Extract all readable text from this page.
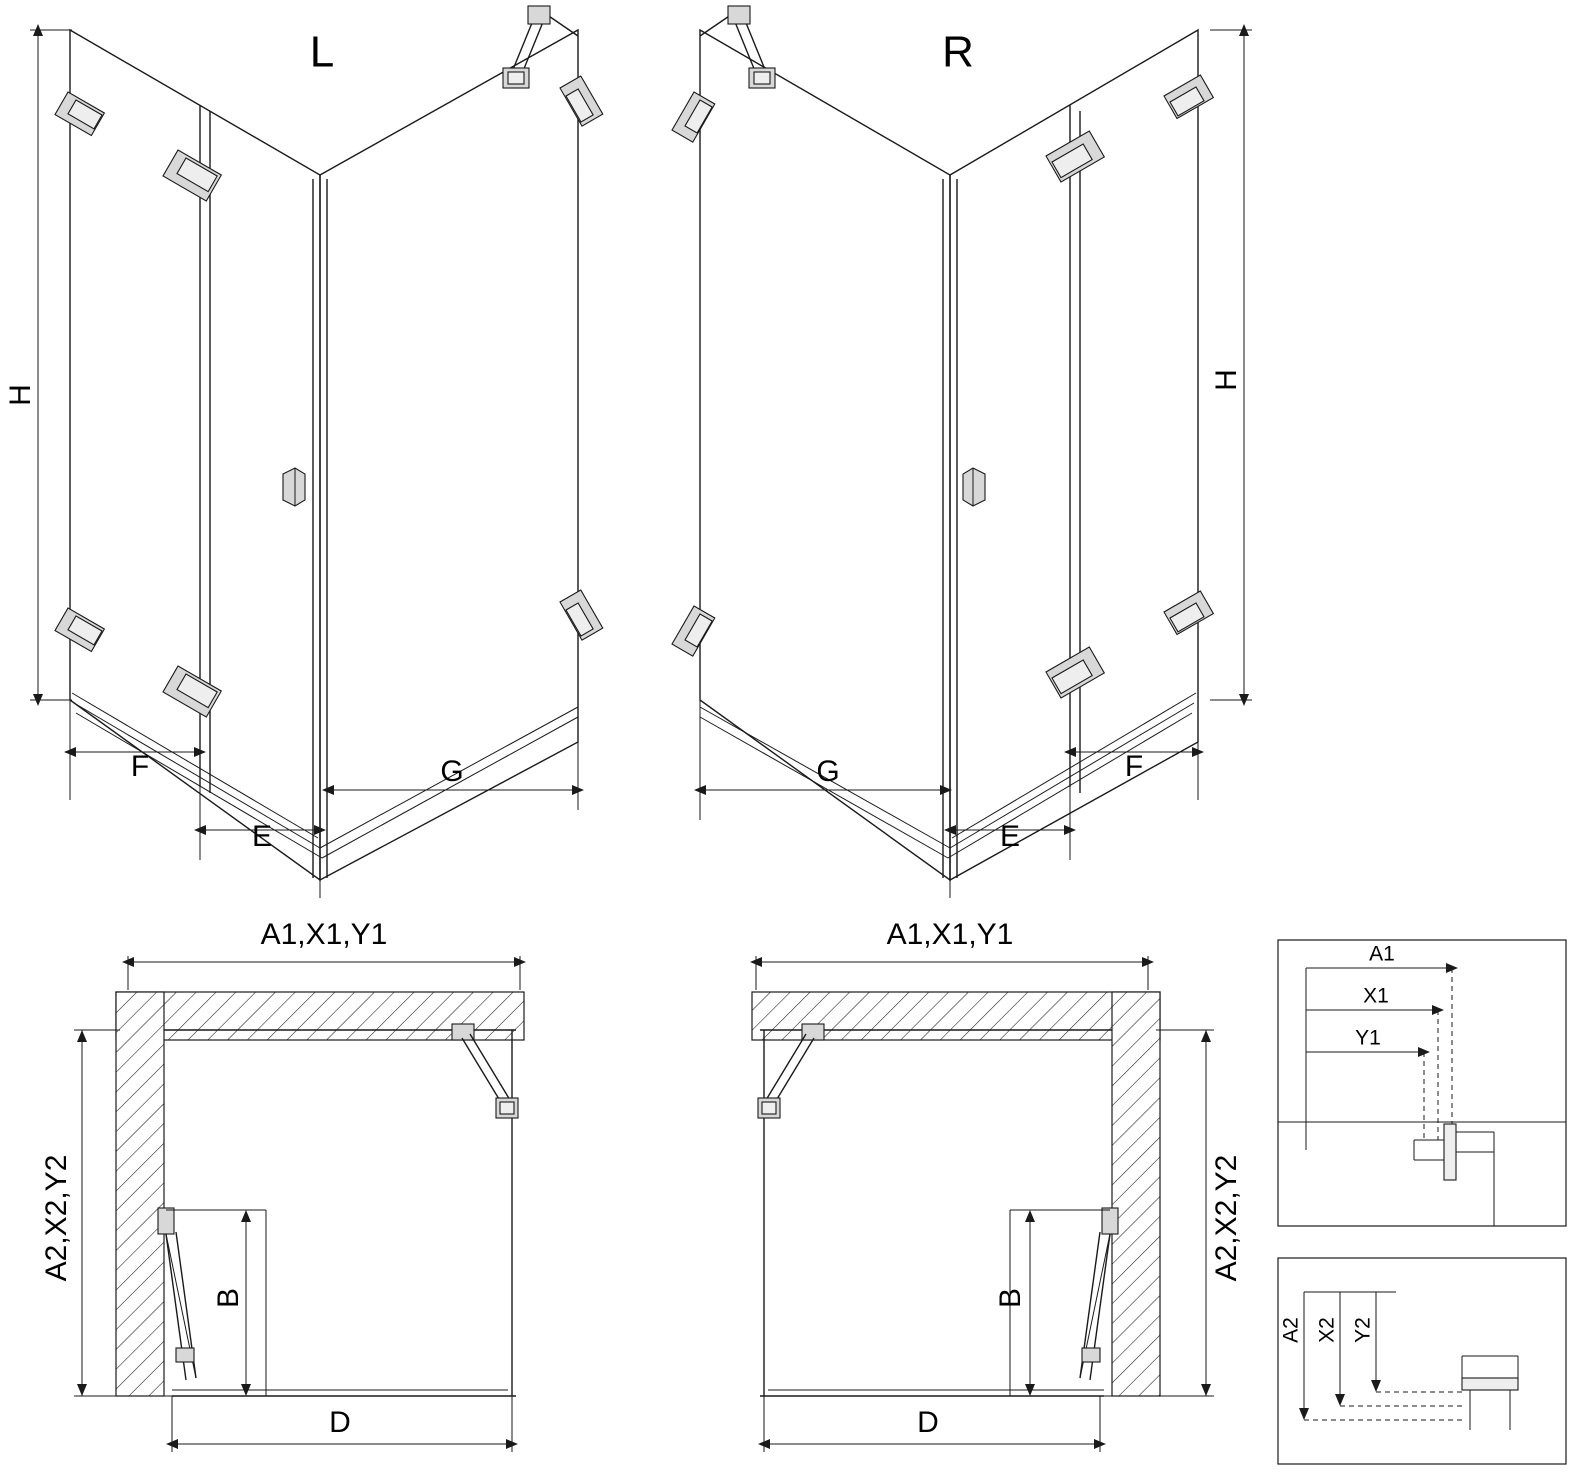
H
F
E
G
L
H
G
E
F
R
A1,X1,Y1
B
A2,X2,Y2
D
A1,X1,Y1
B
A2,X2,Y2
D
A1
X1
Y1
A2 X2 Y2
